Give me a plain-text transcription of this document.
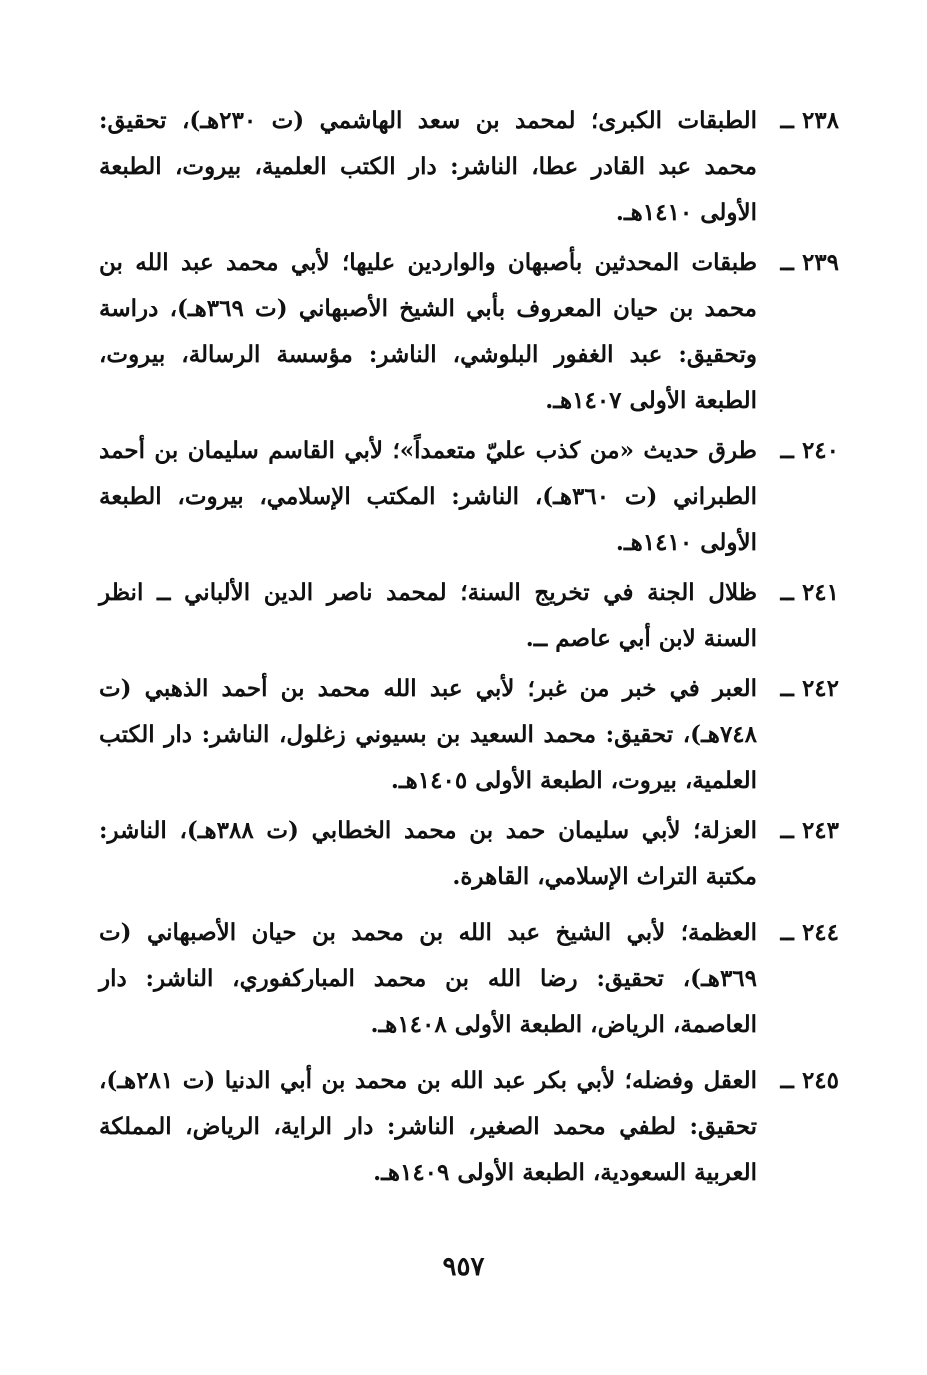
٢٣٨ ــ
الطبقات الكبرى؛ لمحمد بن سعد الهاشمي (ت ٢٣٠هـ)، تحقيق: محمد عبد القادر عطا، الناشر: دار الكتب العلمية، بيروت، الطبعة الأولى ١٤١٠هـ.
٢٣٩ ــ
طبقات المحدثين بأصبهان والواردين عليها؛ لأبي محمد عبد الله بن محمد بن حيان المعروف بأبي الشيخ الأصبهاني (ت ٣٦٩هـ)، دراسة وتحقيق: عبد الغفور البلوشي، الناشر: مؤسسة الرسالة، بيروت، الطبعة الأولى ١٤٠٧هـ.
٢٤٠ ــ
طرق حديث «من كذب عليّ متعمداً»؛ لأبي القاسم سليمان بن أحمد الطبراني (ت ٣٦٠هـ)، الناشر: المكتب الإسلامي، بيروت، الطبعة الأولى ١٤١٠هـ.
٢٤١ ــ
ظلال الجنة في تخريج السنة؛ لمحمد ناصر الدين الألباني ــ انظر السنة لابن أبي عاصم ــ.
٢٤٢ ــ
العبر في خبر من غبر؛ لأبي عبد الله محمد بن أحمد الذهبي (ت ٧٤٨هـ)، تحقيق: محمد السعيد بن بسيوني زغلول، الناشر: دار الكتب العلمية، بيروت، الطبعة الأولى ١٤٠٥هـ.
٢٤٣ ــ
العزلة؛ لأبي سليمان حمد بن محمد الخطابي (ت ٣٨٨هـ)، الناشر: مكتبة التراث الإسلامي، القاهرة.
٢٤٤ ــ
العظمة؛ لأبي الشيخ عبد الله بن محمد بن حيان الأصبهاني (ت ٣٦٩هـ)، تحقيق: رضا الله بن محمد المباركفوري، الناشر: دار العاصمة، الرياض، الطبعة الأولى ١٤٠٨هـ.
٢٤٥ ــ
العقل وفضله؛ لأبي بكر عبد الله بن محمد بن أبي الدنيا (ت ٢٨١هـ)، تحقيق: لطفي محمد الصغير، الناشر: دار الراية، الرياض، المملكة العربية السعودية، الطبعة الأولى ١٤٠٩هـ.
٩٥٧
